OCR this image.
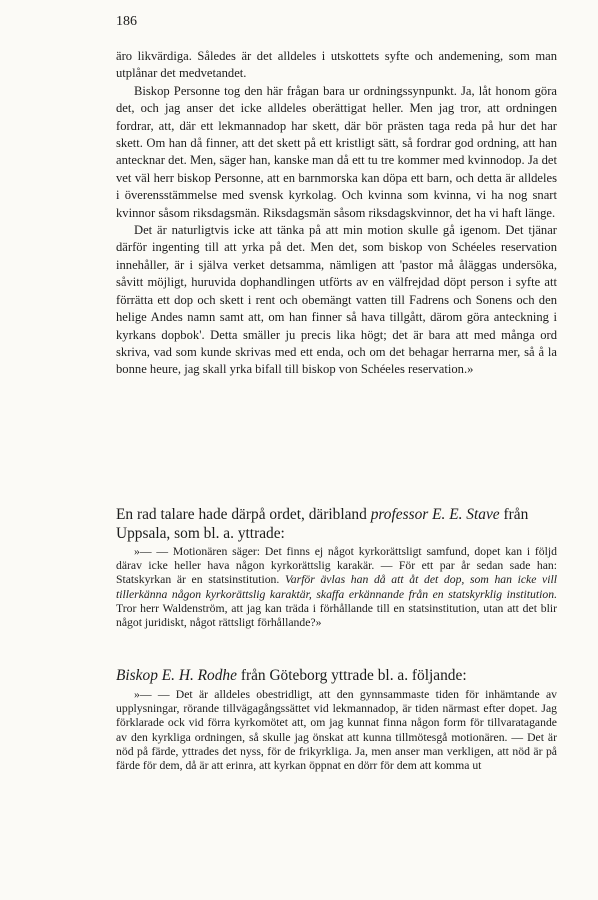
186

äro likvärdiga. Således är det alldeles i utskottets syfte och andemening, som man utplånar det medvetandet.

Biskop Personne tog den här frågan bara ur ordningssynpunkt. Ja, låt honom göra det, och jag anser det icke alldeles oberättigat heller. Men jag tror, att ordningen fordrar, att, där ett lekmannadop har skett, där bör prästen taga reda på hur det har skett. Om han då finner, att det skett på ett kristligt sätt, så fordrar god ordning, att han antecknar det. Men, säger han, kanske man då ett tu tre kommer med kvinnodop. Ja det vet väl herr biskop Personne, att en barnmorska kan döpa ett barn, och detta är alldeles i överensstämmelse med svensk kyrkolag. Och kvinna som kvinna, vi ha nog snart kvinnor såsom riksdagsmän. Riksdagsmän såsom riksdagskvinnor, det ha vi haft länge.

Det är naturligtvis icke att tänka på att min motion skulle gå igenom. Det tjänar därför ingenting till att yrka på det. Men det, som biskop von Schéeles reservation innehåller, är i själva verket detsamma, nämligen att 'pastor må åläggas undersöka, såvitt möjligt, huruvida dophandlingen utförts av en välfrejdad döpt person i syfte att förrätta ett dop och skett i rent och obemängt vatten till Fadrens och Sonens och den helige Andes namn samt att, om han finner så hava tillgått, därom göra anteckning i kyrkans dopbok'. Detta smäller ju precis lika högt; det är bara att med många ord skriva, vad som kunde skrivas med ett enda, och om det behagar herrarna mer, så å la bonne heure, jag skall yrka bifall till biskop von Schéeles reservation.»

En rad talare hade därpå ordet, däribland professor E. E. Stave från Uppsala, som bl. a. yttrade:

»— — Motionären säger: Det finns ej något kyrkorättsligt samfund, dopet kan i följd därav icke heller hava någon kyrkorättslig karakär. — För ett par år sedan sade han: Statskyrkan är en statsinstitution. Varför ävlas han då att åt det dop, som han icke vill tillerkänna någon kyrkorättslig karaktär, skaffa erkännande från en statskyrklig institution. Tror herr Waldenström, att jag kan träda i förhållande till en statsinstitution, utan att det blir något juridiskt, något rättsligt förhållande?»

Biskop E. H. Rodhe från Göteborg yttrade bl. a. följande:

»— — Det är alldeles obestridligt, att den gynnsammaste tiden för inhämtande av upplysningar, rörande tillvägagångssättet vid lekmannadop, är tiden närmast efter dopet. Jag förklarade ock vid förra kyrkomötet att, om jag kunnat finna någon form för tillvaratagande av den kyrkliga ordningen, så skulle jag önskat att kunna tillmötesgå motionären. — Det är nöd på färde, yttrades det nyss, för de frikyrkliga. Ja, men anser man verkligen, att nöd är på färde för dem, då är att erinra, att kyrkan öppnat en dörr för dem att komma ut
